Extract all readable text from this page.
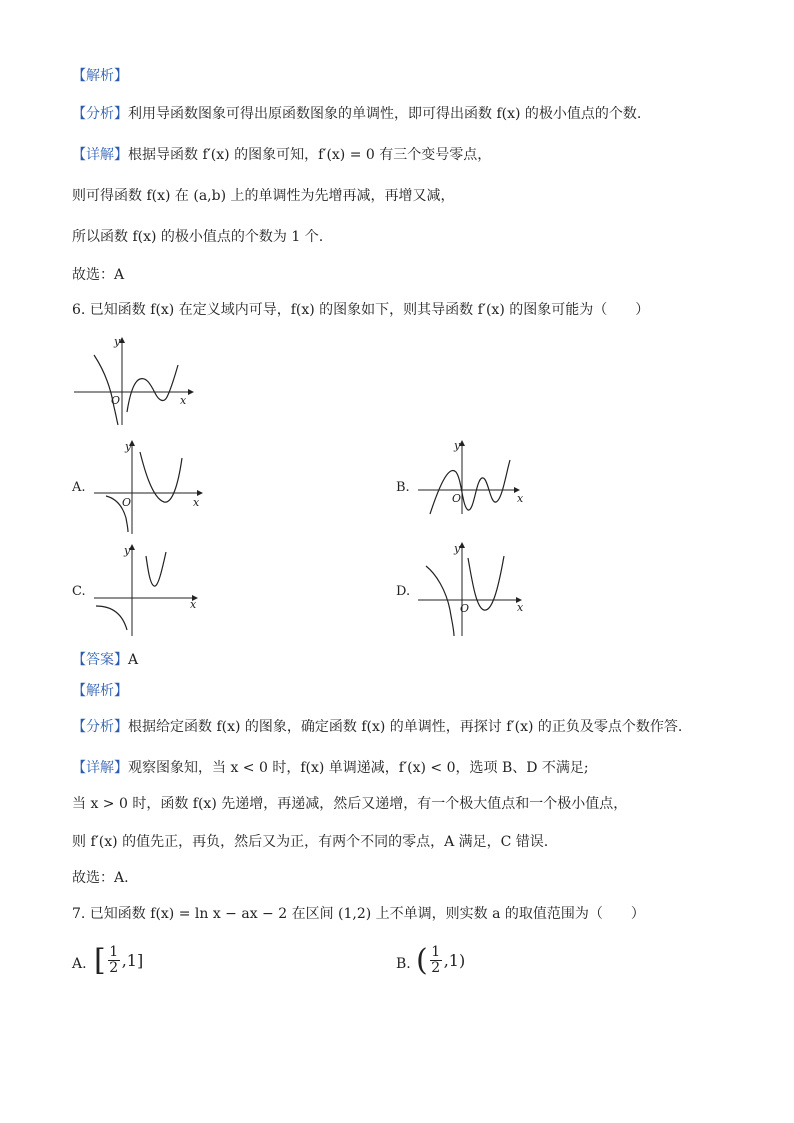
【解析】
【分析】利用导函数图象可得出原函数图象的单调性，即可得出函数 f(x) 的极小值点的个数.
【详解】根据导函数 f′(x) 的图象可知，f′(x) = 0 有三个变号零点，
则可得函数 f(x) 在 (a,b) 上的单调性为先增再减，再增又减，
所以函数 f(x) 的极小值点的个数为 1 个.
故选：A
6. 已知函数 f(x) 在定义域内可导，f(x) 的图象如下，则其导函数 f′(x) 的图象可能为（　　）
y
x
O
A.
y
x
O
B.
y
x
O
C.
y
x
D.
y
x
O
【答案】A
【解析】
【分析】根据给定函数 f(x) 的图象，确定函数 f(x) 的单调性，再探讨 f′(x) 的正负及零点个数作答.
【详解】观察图象知，当 x < 0 时，f(x) 单调递减，f′(x) < 0，选项 B、D 不满足;
当 x > 0 时，函数 f(x) 先递增，再递减，然后又递增，有一个极大值点和一个极小值点，
则 f′(x) 的值先正，再负，然后又为正，有两个不同的零点，A 满足，C 错误.
故选：A.
7. 已知函数 f(x) = ln x − ax − 2 在区间 (1,2) 上不单调，则实数 a 的取值范围为（　　）
A. [ 1
2 ,1]	B. ( 1
2 ,1)
